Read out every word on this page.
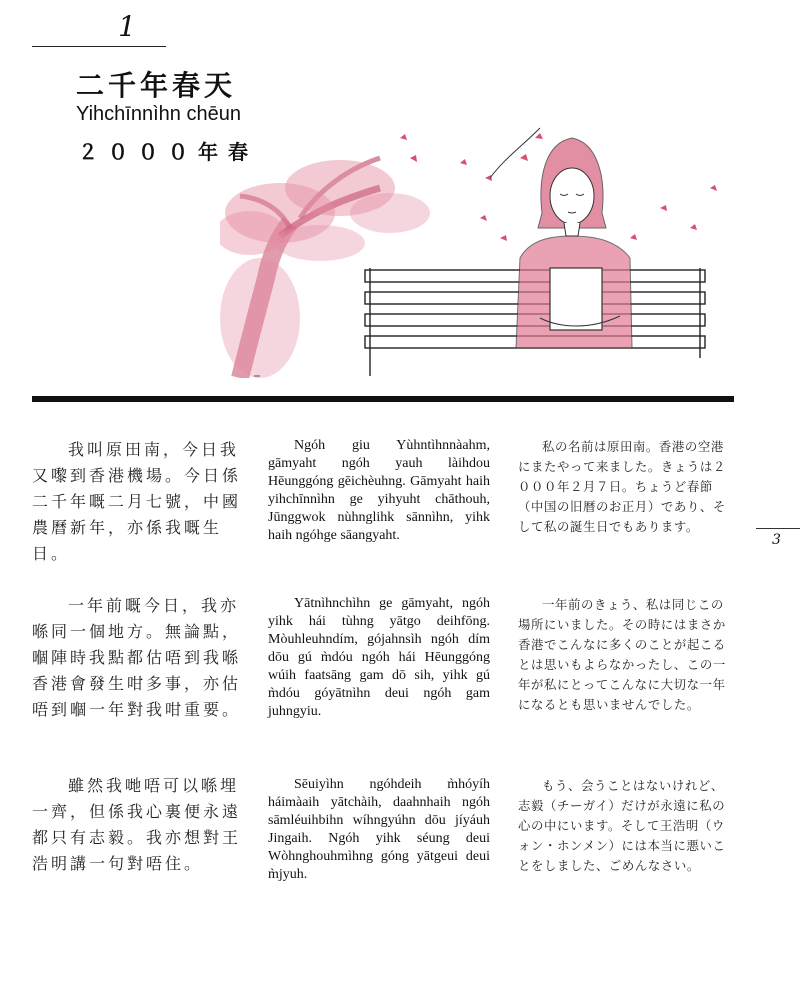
1
二千年春天
Yihchīnnìhn chēun
２０００年春

我叫原田南，今日我又嚟到香港機場。今日係二千年嘅二月七號，中國農曆新年，亦係我嘅生日。

Ngóh giu Yùhntìhnnàahm, gāmyaht ngóh yauh làihdou Hēunggóng gēichèuhng. Gāmyaht haih yihchīnnìhn ge yihyuht chāthouh, Jūnggwok nùhnglihk sānnìhn, yihk haih ngóhge sāangyaht.

私の名前は原田南。香港の空港にまたやって来ました。きょうは２０００年２月７日。ちょうど春節（中国の旧暦のお正月）であり、そして私の誕生日でもあります。

一年前嘅今日，我亦喺同一個地方。無論點，嗰陣時我點都估唔到我喺香港會發生咁多事，亦估唔到嗰一年對我咁重要。

Yātnìhnchìhn ge gāmyaht, ngóh yihk hái tùhng yātgo deihfōng. Mòuhleuhndím, gójahnsìh ngóh dím dōu gú m̀dóu ngóh hái Hēunggóng wúih faatsāng gam dō sih, yihk gú m̀dóu góyātnìhn deui ngóh gam juhngyiu.

一年前のきょう、私は同じこの場所にいました。その時にはまさか香港でこんなに多くのことが起こるとは思いもよらなかったし、この一年が私にとってこんなに大切な一年になるとも思いませんでした。

雖然我哋唔可以喺埋一齊，但係我心裏便永遠都只有志毅。我亦想對王浩明講一句對唔住。

Sēuiyìhn ngóhdeih m̀hóyíh háimàaih yātchàih, daahnhaih ngóh sāmléuihbihn wíhngyúhn dōu jíyáuh Jingaih. Ngóh yihk séung deui Wòhnghouhmìhng góng yātgeui deui m̀jyuh.

もう、会うことはないけれど、志毅（チーガイ）だけが永遠に私の心の中にいます。そして王浩明（ウォン・ホンメン）には本当に悪いことをしました、ごめんなさい。

3
